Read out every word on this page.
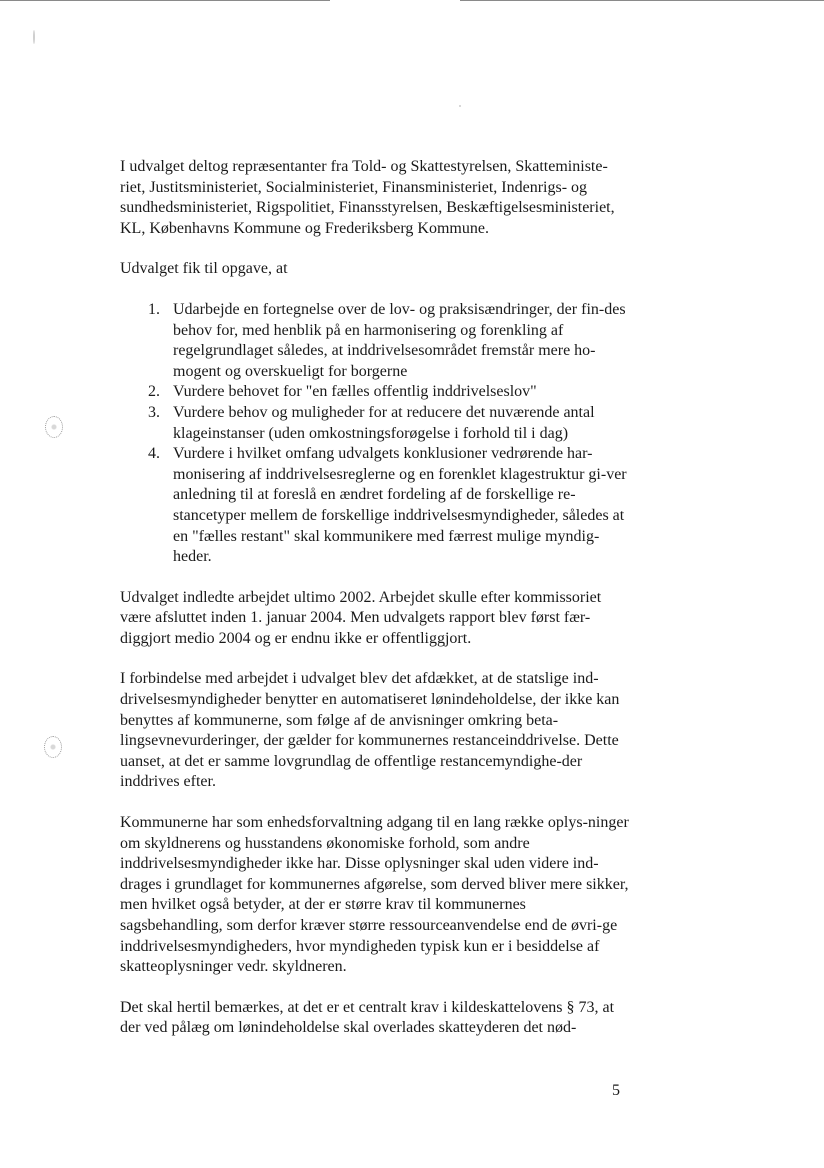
I udvalget deltog repræsentanter fra Told- og Skattestyrelsen, Skatteministe-riet, Justitsministeriet, Socialministeriet, Finansministeriet, Indenrigs- og sundhedsministeriet, Rigspolitiet, Finansstyrelsen, Beskæftigelsesministeriet, KL, Københavns Kommune og Frederiksberg Kommune.

Udvalget fik til opgave, at

1. Udarbejde en fortegnelse over de lov- og praksisændringer, der fin-des behov for, med henblik på en harmonisering og forenkling af regelgrundlaget således, at inddrivelsesområdet fremstår mere ho-mogent og overskueligt for borgerne
2. Vurdere behovet for "en fælles offentlig inddrivelseslov"
3. Vurdere behov og muligheder for at reducere det nuværende antal klageinstanser (uden omkostningsforøgelse i forhold til i dag)
4. Vurdere i hvilket omfang udvalgets konklusioner vedrørende har-monisering af inddrivelsesreglerne og en forenklet klagestruktur gi-ver anledning til at foreslå en ændret fordeling af de forskellige re-stancetyper mellem de forskellige inddrivelsesmyndigheder, således at en "fælles restant" skal kommunikere med færrest mulige myndig-heder.

Udvalget indledte arbejdet ultimo 2002. Arbejdet skulle efter kommissoriet være afsluttet inden 1. januar 2004. Men udvalgets rapport blev først fær-diggjort medio 2004 og er endnu ikke er offentliggjort.

I forbindelse med arbejdet i udvalget blev det afdækket, at de statslige ind-drivelsesmyndigheder benytter en automatiseret lønindeholdelse, der ikke kan benyttes af kommunerne, som følge af de anvisninger omkring beta-lingsevnevurderinger, der gælder for kommunernes restanceinddrivelse. Dette uanset, at det er samme lovgrundlag de offentlige restancemyndighe-der inddrives efter.

Kommunerne har som enhedsforvaltning adgang til en lang række oplys-ninger om skyldnerens og husstandens økonomiske forhold, som andre inddrivelsesmyndigheder ikke har. Disse oplysninger skal uden videre ind-drages i grundlaget for kommunernes afgørelse, som derved bliver mere sikker, men hvilket også betyder, at der er større krav til kommunernes sagsbehandling, som derfor kræver større ressourceanvendelse end de øvri-ge inddrivelsesmyndigheders, hvor myndigheden typisk kun er i besiddelse af skatteoplysninger vedr. skyldneren.

Det skal hertil bemærkes, at det er et centralt krav i kildeskattelovens § 73, at der ved pålæg om lønindeholdelse skal overlades skatteyderen det nød-

5
